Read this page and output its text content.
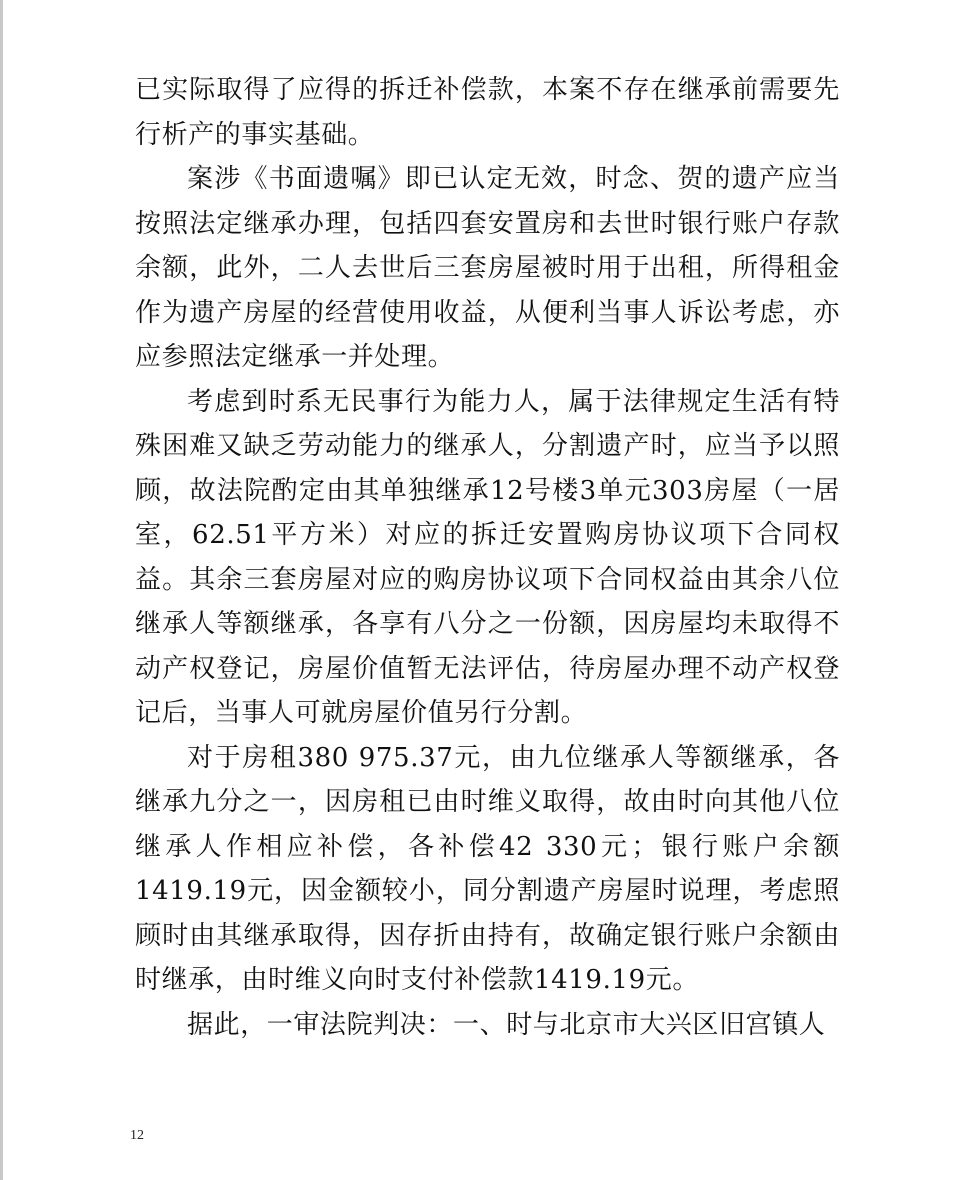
已实际取得了应得的拆迁补偿款，本案不存在继承前需要先行析产的事实基础。

案涉《书面遗嘱》即已认定无效，时念、贺的遗产应当按照法定继承办理，包括四套安置房和去世时银行账户存款余额，此外，二人去世后三套房屋被时用于出租，所得租金作为遗产房屋的经营使用收益，从便利当事人诉讼考虑，亦应参照法定继承一并处理。

考虑到时系无民事行为能力人，属于法律规定生活有特殊困难又缺乏劳动能力的继承人，分割遗产时，应当予以照顾，故法院酌定由其单独继承12号楼3单元303房屋（一居室，62.51平方米）对应的拆迁安置购房协议项下合同权益。其余三套房屋对应的购房协议项下合同权益由其余八位继承人等额继承，各享有八分之一份额，因房屋均未取得不动产权登记，房屋价值暂无法评估，待房屋办理不动产权登记后，当事人可就房屋价值另行分割。

对于房租380 975.37元，由九位继承人等额继承，各继承九分之一，因房租已由时维义取得，故由时向其他八位继承人作相应补偿，各补偿42 330元；银行账户余额1419.19元，因金额较小，同分割遗产房屋时说理，考虑照顾时由其继承取得，因存折由持有，故确定银行账户余额由时继承，由时维义向时支付补偿款1419.19元。

据此，一审法院判决：一、时与北京市大兴区旧宫镇人

12
